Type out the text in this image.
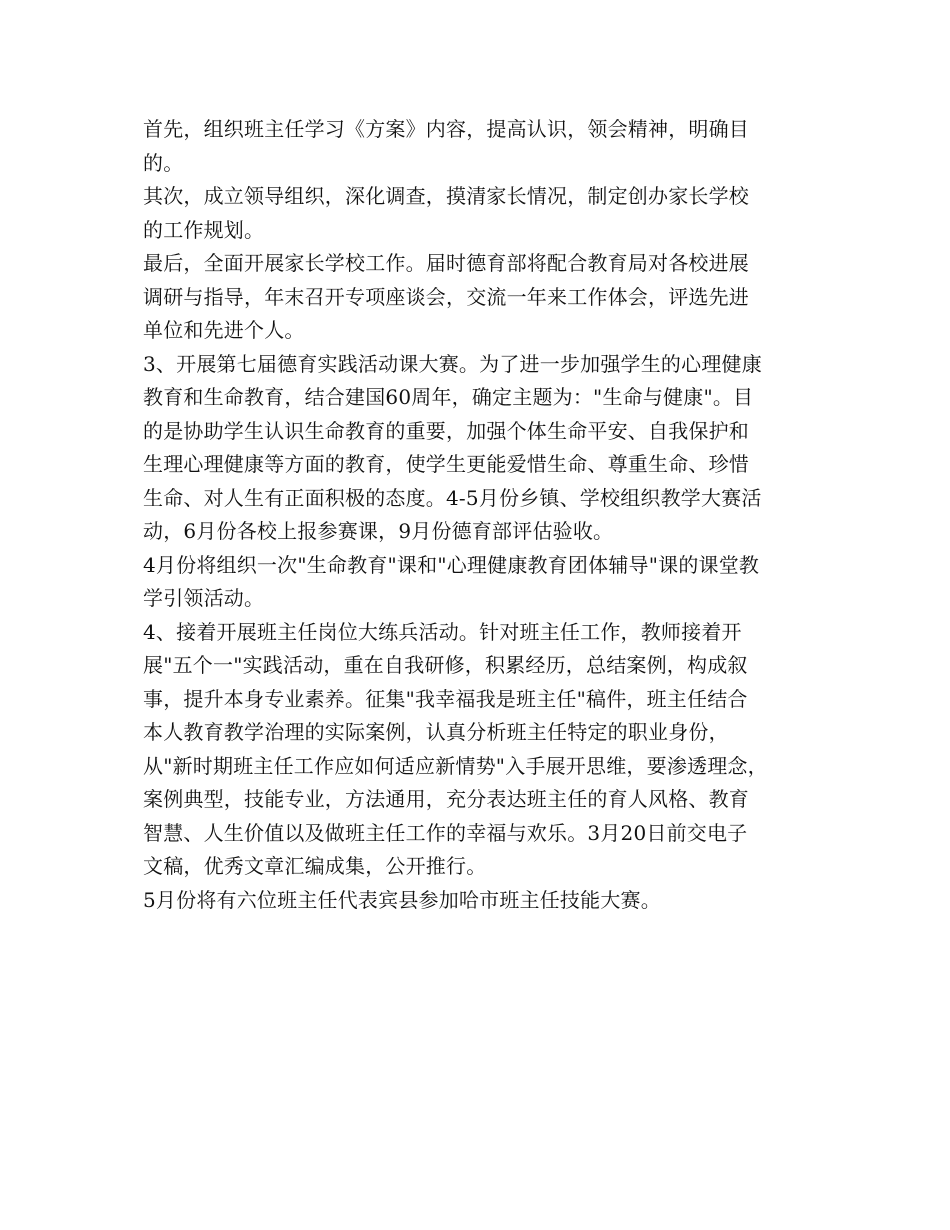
首先，组织班主任学习《方案》内容，提高认识，领会精神，明确目
的。

其次，成立领导组织，深化调查，摸清家长情况，制定创办家长学校
的工作规划。

最后，全面开展家长学校工作。届时德育部将配合教育局对各校进展
调研与指导，年末召开专项座谈会，交流一年来工作体会，评选先进
单位和先进个人。

3、开展第七届德育实践活动课大赛。为了进一步加强学生的心理健康
教育和生命教育，结合建国60周年，确定主题为："生命与健康"。目
的是协助学生认识生命教育的重要，加强个体生命平安、自我保护和
生理心理健康等方面的教育，使学生更能爱惜生命、尊重生命、珍惜
生命、对人生有正面积极的态度。4-5月份乡镇、学校组织教学大赛活
动，6月份各校上报参赛课，9月份德育部评估验收。

4月份将组织一次"生命教育"课和"心理健康教育团体辅导"课的课堂教
学引领活动。

4、接着开展班主任岗位大练兵活动。针对班主任工作，教师接着开
展"五个一"实践活动，重在自我研修，积累经历，总结案例，构成叙
事，提升本身专业素养。征集"我幸福我是班主任"稿件，班主任结合
本人教育教学治理的实际案例，认真分析班主任特定的职业身份，
从"新时期班主任工作应如何适应新情势"入手展开思维，要渗透理念，
案例典型，技能专业，方法通用，充分表达班主任的育人风格、教育
智慧、人生价值以及做班主任工作的幸福与欢乐。3月20日前交电子
文稿，优秀文章汇编成集，公开推行。

5月份将有六位班主任代表宾县参加哈市班主任技能大赛。
